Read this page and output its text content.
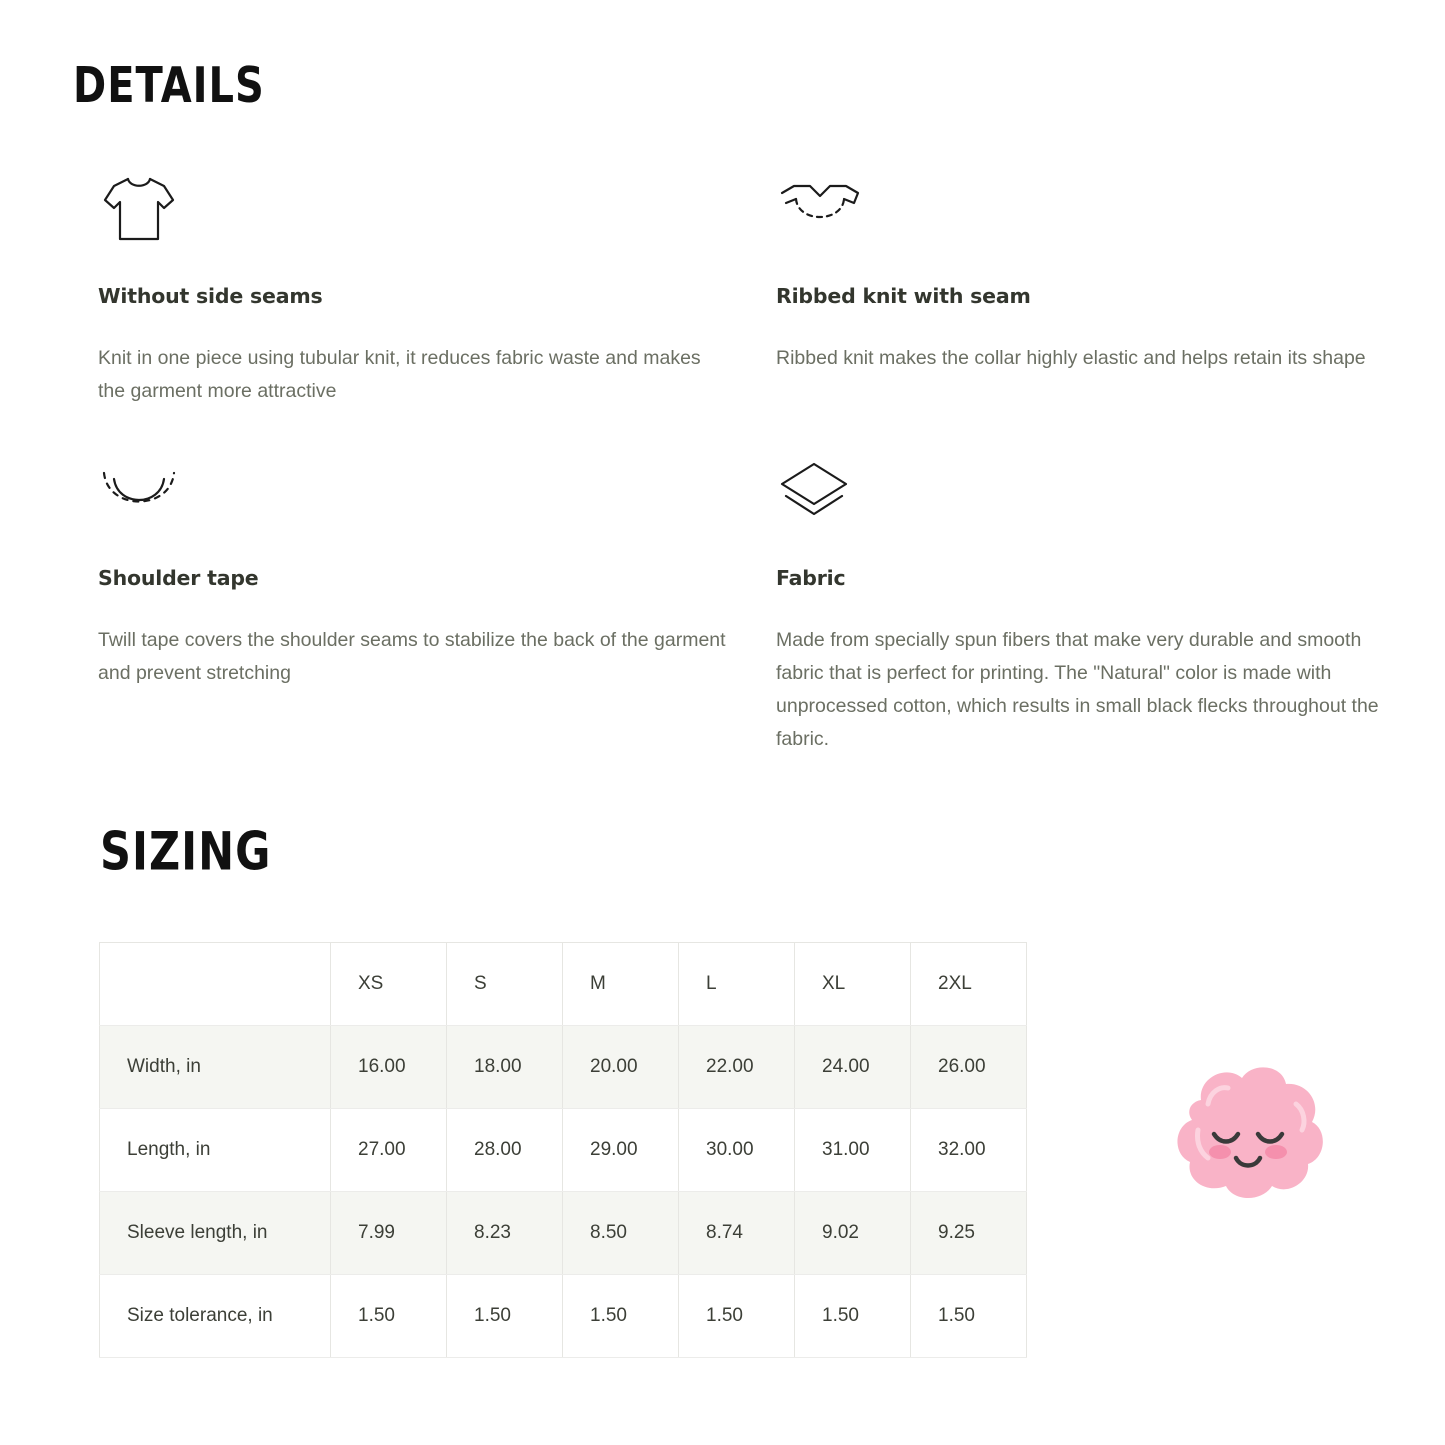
DETAILS
Without side seams
Knit in one piece using tubular knit, it reduces fabric waste and makes the garment more attractive
Ribbed knit with seam
Ribbed knit makes the collar highly elastic and helps retain its shape
Shoulder tape
Twill tape covers the shoulder seams to stabilize the back of the garment and prevent stretching
Fabric
Made from specially spun fibers that make very durable and smooth fabric that is perfect for printing. The "Natural" color is made with unprocessed cotton, which results in small black flecks throughout the fabric.
SIZING
	XS	S	M	L	XL	2XL
Width, in	16.00	18.00	20.00	22.00	24.00	26.00
Length, in	27.00	28.00	29.00	30.00	31.00	32.00
Sleeve length, in	7.99	8.23	8.50	8.74	9.02	9.25
Size tolerance, in	1.50	1.50	1.50	1.50	1.50	1.50
